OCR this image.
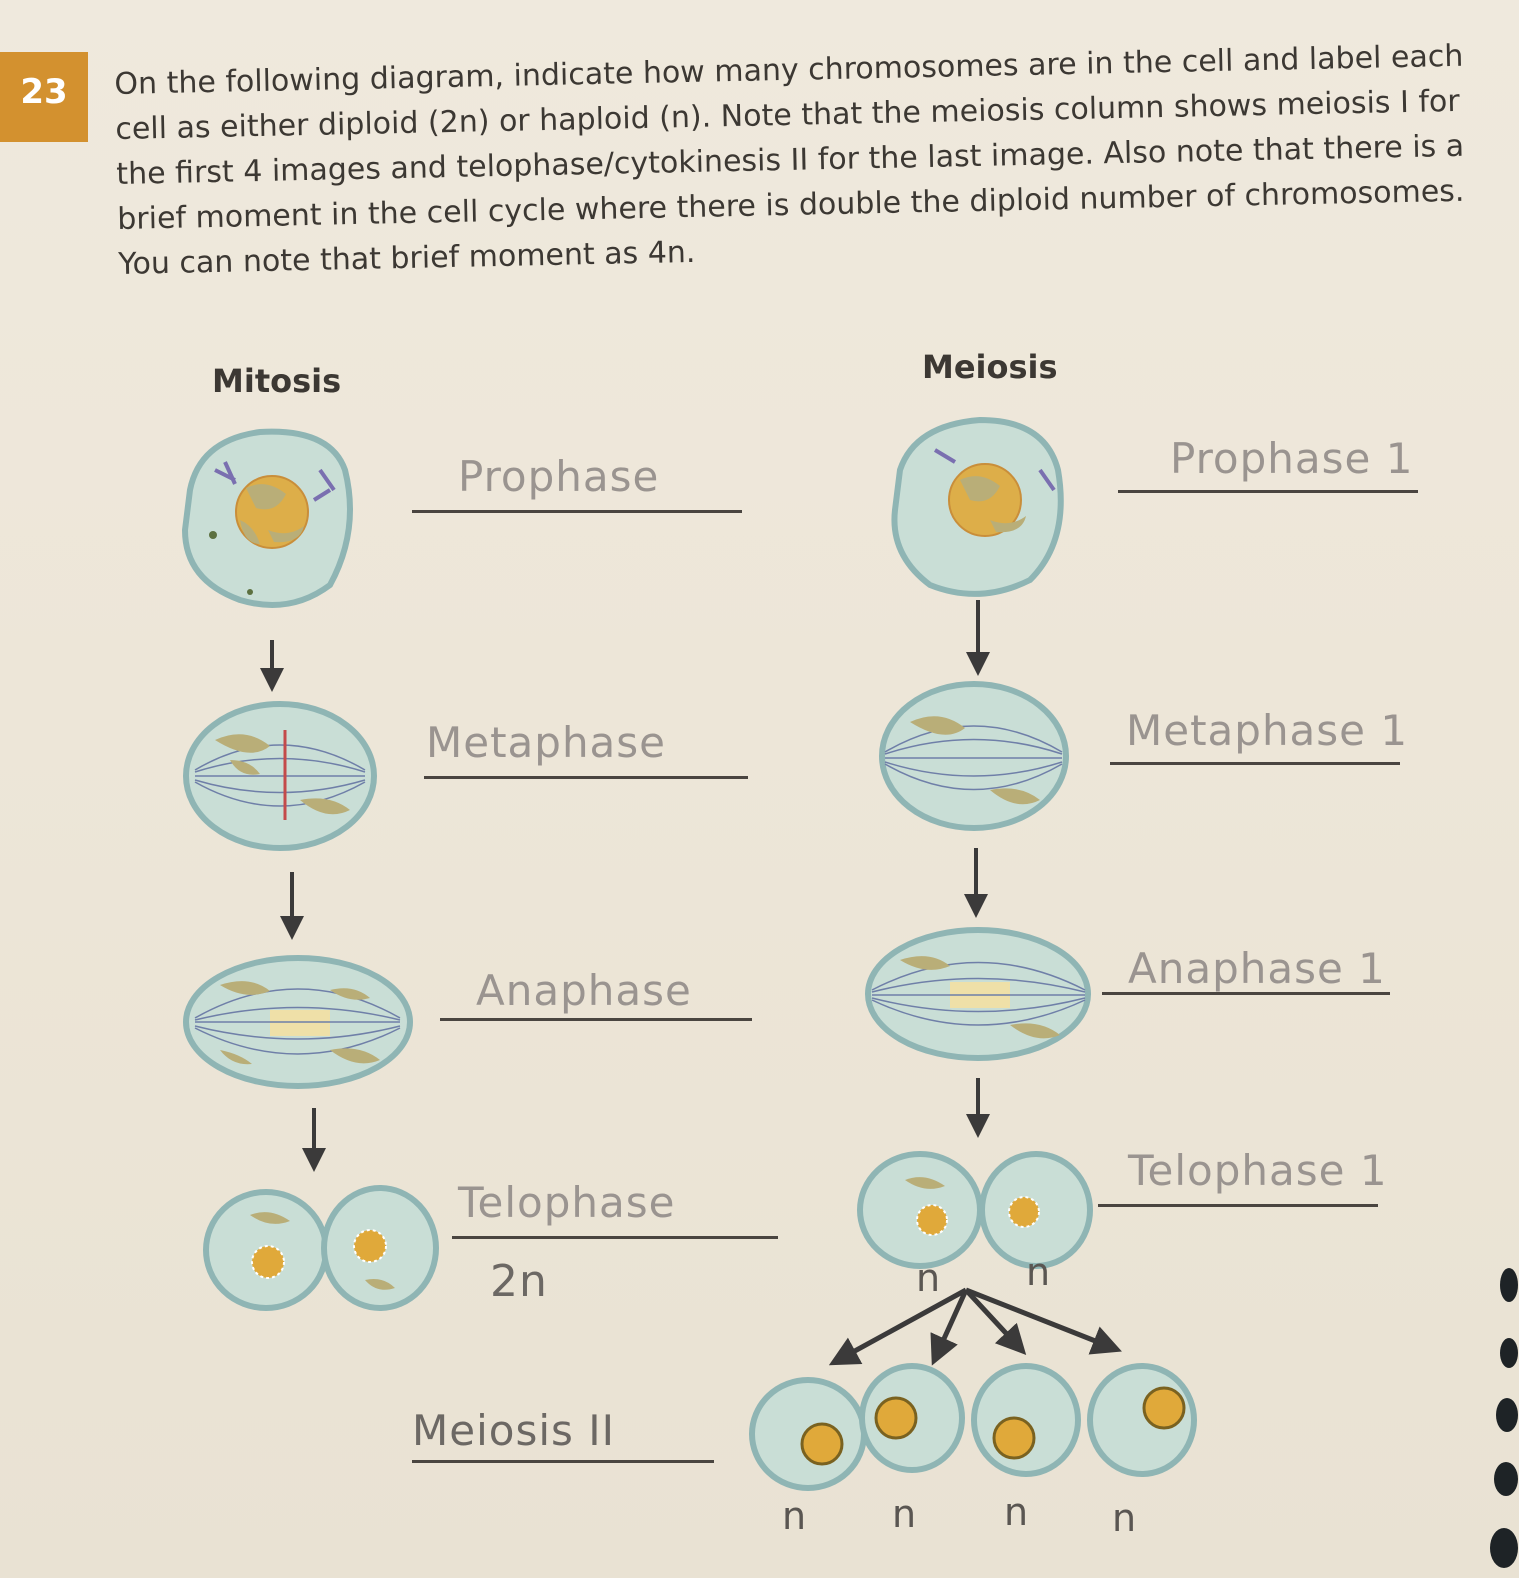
23	On the following diagram, indicate how many chromosomes are in the cell and label each cell as either diploid (2n) or haploid (n). Note that the meiosis column shows meiosis I for the first 4 images and telophase/cytokinesis II for the last image. Also note that there is a brief moment in the cell cycle where there is double the diploid number of chromosomes. You can note that brief moment as 4n.
Mitosis	Meiosis
Prophase
Metaphase
Anaphase
Telophase
2n
Prophase 1
Metaphase 1
Anaphase 1
Telophase 1
n n
Meiosis II
n n n n
